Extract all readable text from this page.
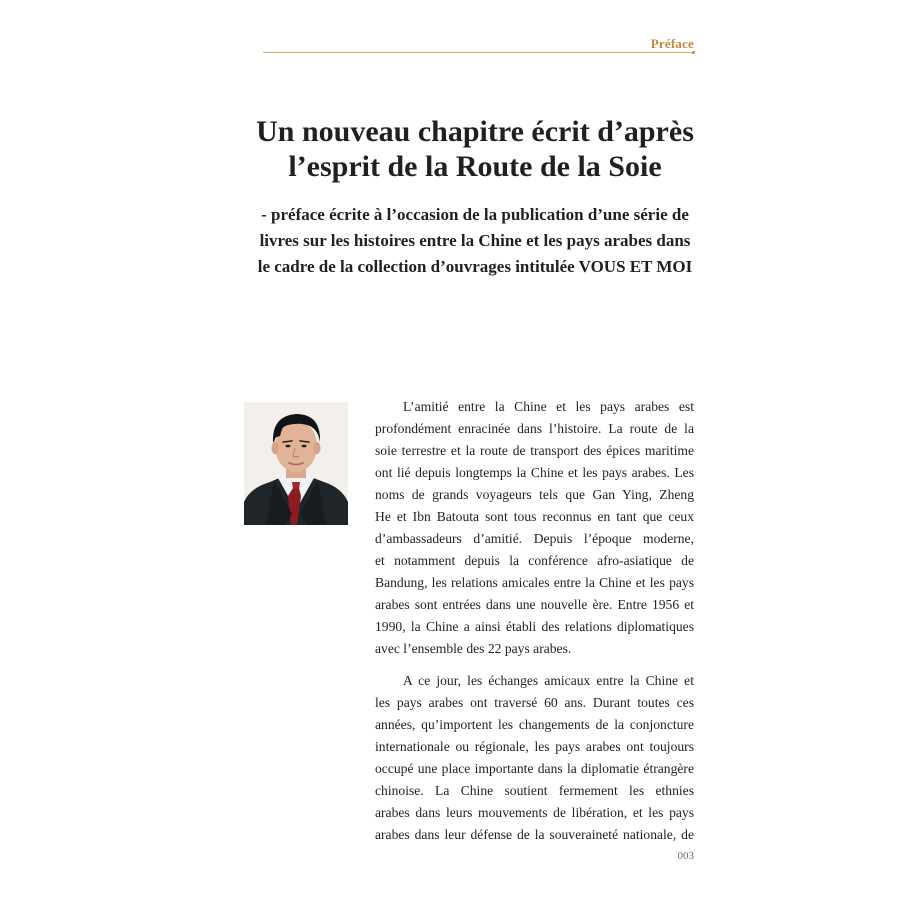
Préface
Un nouveau chapitre écrit d’après
l’esprit de la Route de la Soie
- préface écrite à l’occasion de la publication d’une série de
livres sur les histoires entre la Chine et les pays arabes dans
le cadre de la collection d’ouvrages intitulée VOUS ET MOI

L’amitié entre la Chine et les pays arabes est
profondément enracinée dans l’histoire. La route de la
soie terrestre et la route de transport des épices maritime
ont lié depuis longtemps la Chine et les pays arabes. Les
noms de grands voyageurs tels que Gan Ying, Zheng
He et Ibn Batouta sont tous reconnus en tant que ceux
d’ambassadeurs d’amitié. Depuis l’époque moderne,
et notamment depuis la conférence afro-asiatique de
Bandung, les relations amicales entre la Chine et les pays
arabes sont entrées dans une nouvelle ère. Entre 1956 et
1990, la Chine a ainsi établi des relations diplomatiques
avec l’ensemble des 22 pays arabes.

A ce jour, les échanges amicaux entre la Chine et
les pays arabes ont traversé 60 ans. Durant toutes ces
années, qu’importent les changements de la conjoncture
internationale ou régionale, les pays arabes ont toujours
occupé une place importante dans la diplomatie étrangère
chinoise. La Chine soutient fermement les ethnies
arabes dans leurs mouvements de libération, et les pays
arabes dans leur défense de la souveraineté nationale, de

003
